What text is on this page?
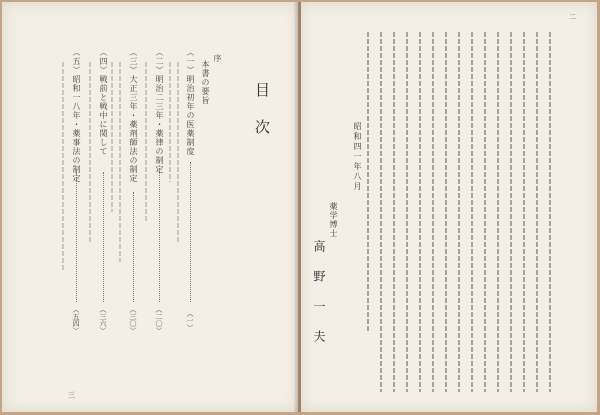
目次
序
本書の要旨
（一）明治初年の医薬制度
（一）
（二）明治二三年・薬律の制定
（二〇）
（三）大正三年・薬剤師法の制定
（三〇）
（四）戦前と戦中に関して
（三六）
（五）昭和一八年・薬事法の制定
（五四）
三
二
昭和四一年八月
薬学博士
高野一夫
